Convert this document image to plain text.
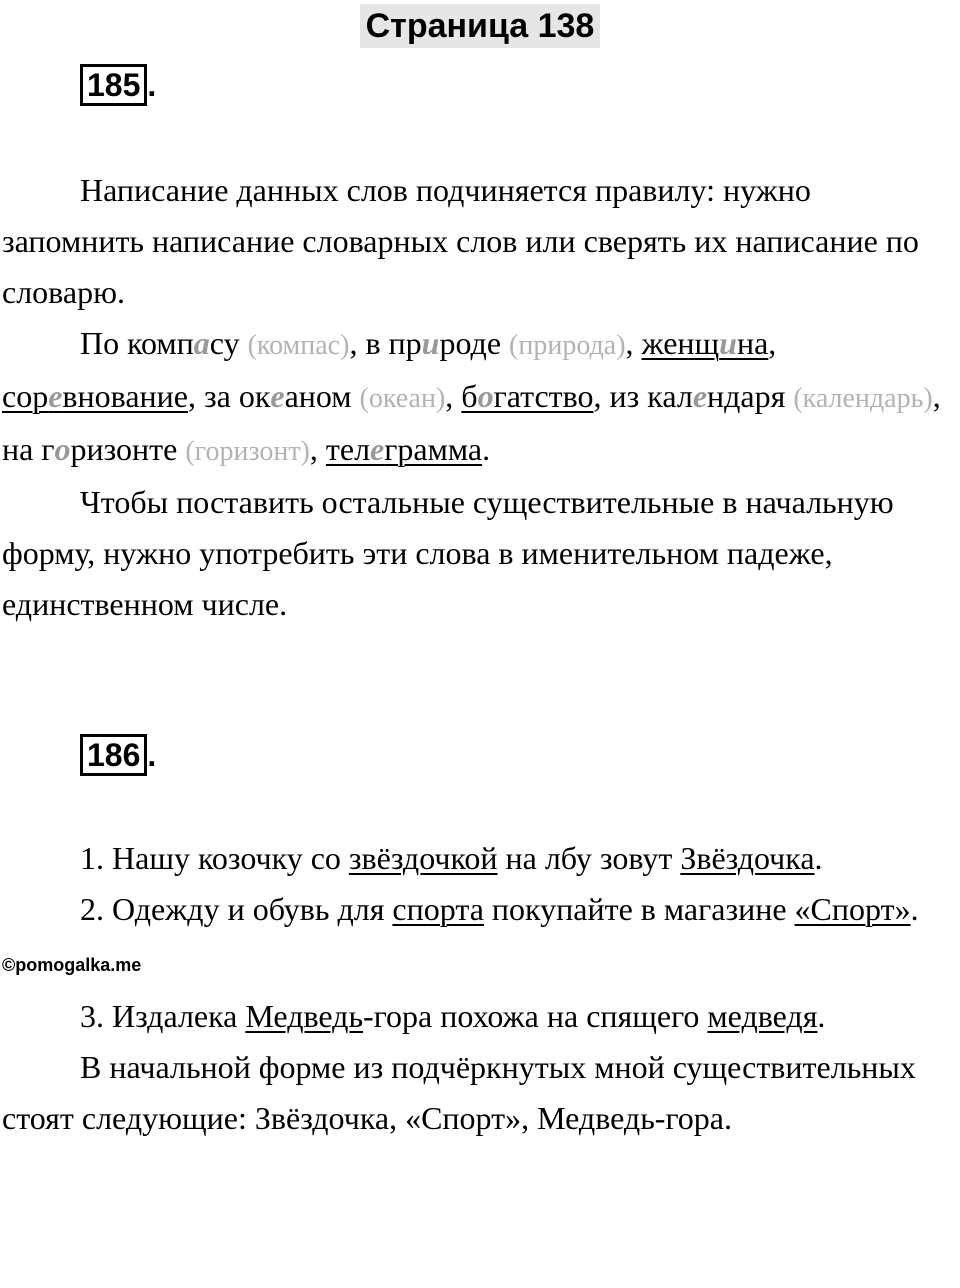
Страница 138
185 .

Написание данных слов подчиняется правилу: нужно запомнить написание словарных слов или сверять их написание по словарю.

По компасу (компас), в природе (природа), женщина, соревнование, за океаном (океан), богатство, из календаря (календарь), на горизонте (горизонт), телеграмма.

Чтобы поставить остальные существительные в начальную форму, нужно употребить эти слова в именительном падеже, единственном числе.

186 .

1. Нашу козочку со звёздочкой на лбу зовут Звёздочка.

2. Одежду и обувь для спорта покупайте в магазине «Спорт». ©pomogalka.me

3. Издалека Медведь-гора похожа на спящего медведя.

В начальной форме из подчёркнутых мной существительных стоят следующие: Звёздочка, «Спорт», Медведь-гора.
